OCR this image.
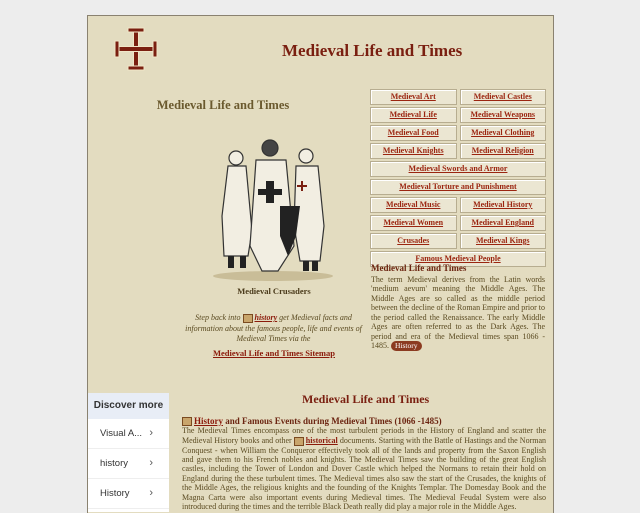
Medieval Life and Times
Medieval Life and Times
Medieval Crusaders
Step back into history get Medieval facts and information about the famous people, life and events of Medieval Times via the
Medieval Life and Times Sitemap
Medieval Art	Medieval Castles
Medieval Life	Medieval Weapons
Medieval Food	Medieval Clothing
Medieval Knights	Medieval Religion
Medieval Swords and Armor
Medieval Torture and Punishment
Medieval Music	Medieval History
Medieval Women	Medieval England
Crusades	Medieval Kings
Famous Medieval People
Medieval Life and Times
The term Medieval derives from the Latin words 'medium aevum' meaning the Middle Ages. The Middle Ages are so called as the middle period between the decline of the Roman Empire and prior to the period called the Renaissance. The early Middle Ages are often referred to as the Dark Ages. The period and era of the Medieval times span 1066 - 1485. History
Medieval Life and Times
History and Famous Events during Medieval Times (1066 -1485)
The Medieval Times encompass one of the most turbulent periods in the History of England and scatter the Medieval History books and other historical documents. Starting with the Battle of Hastings and the Norman Conquest - when William the Conqueror effectively took all of the lands and property from the Saxon English and gave them to his French nobles and knights. The Medieval Times saw the building of the great English castles, including the Tower of London and Dover Castle which helped the Normans to retain their hold on England during the these turbulent times. The Medieval times also saw the start of the Crusades, the knights of the Middle Ages, the religious knights and the founding of the Knights Templar. The Domesday Book and the Magna Carta were also important events during Medieval times. The Medieval Feudal System were also introduced during the times and the terrible Black Death really did play a major role in the Middle Ages.
Discover more
Visual A... ›
history ›
History ›
